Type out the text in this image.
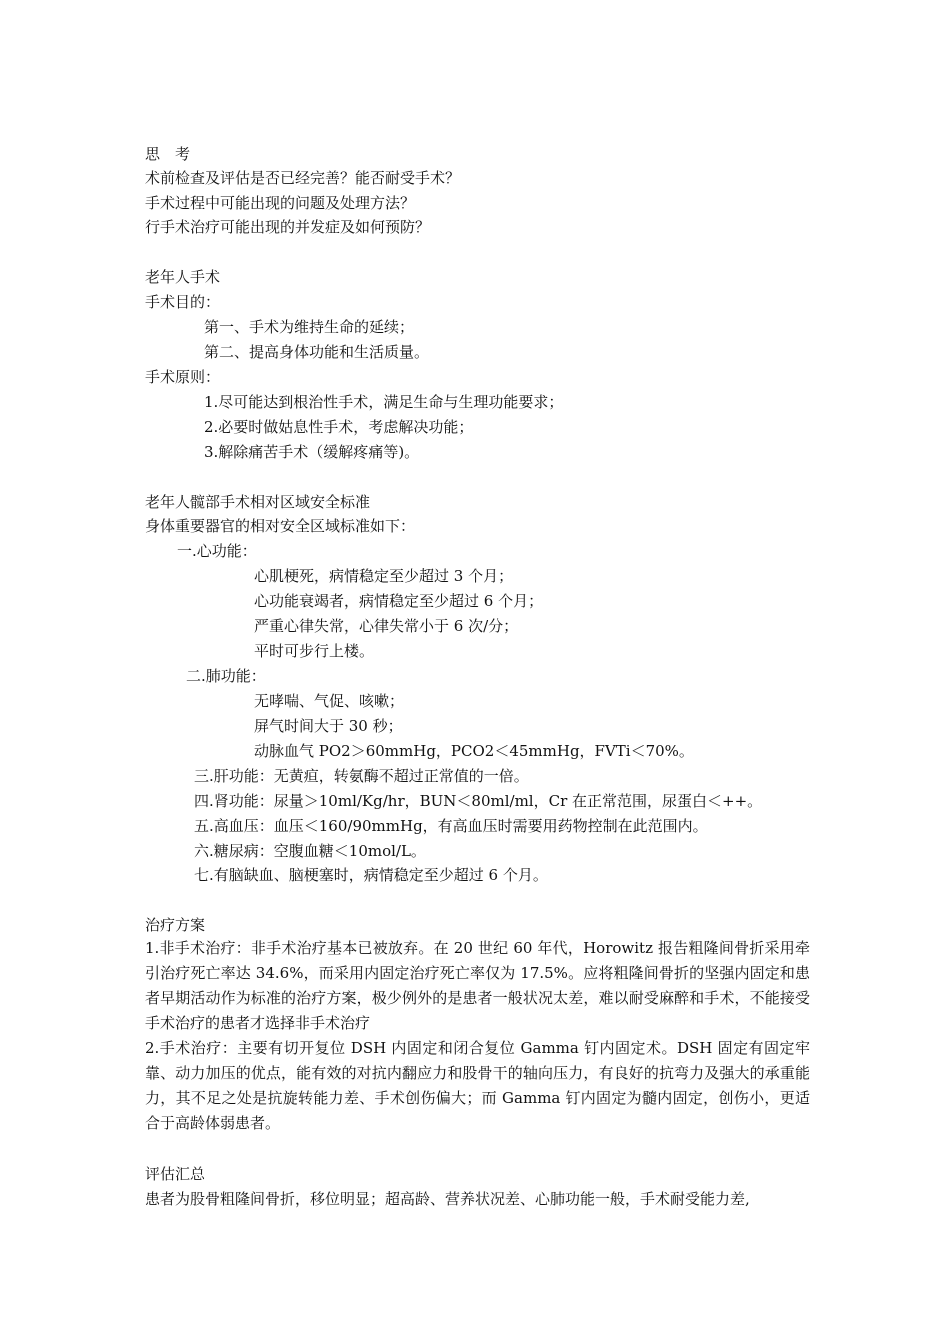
思　考
术前检查及评估是否已经完善？能否耐受手术？
手术过程中可能出现的问题及处理方法？
行手术治疗可能出现的并发症及如何预防？
老年人手术
手术目的：
第一、手术为维持生命的延续；
第二、提高身体功能和生活质量。
手术原则：
1.尽可能达到根治性手术，满足生命与生理功能要求；
2.必要时做姑息性手术，考虑解决功能；
3.解除痛苦手术（缓解疼痛等)。
老年人髋部手术相对区域安全标准
身体重要器官的相对安全区域标准如下：
一.心功能：
心肌梗死，病情稳定至少超过 3 个月；
心功能衰竭者，病情稳定至少超过 6 个月；
严重心律失常，心律失常小于 6 次/分；
平时可步行上楼。
二.肺功能：
无哮喘、气促、咳嗽；
屏气时间大于 30 秒；
动脉血气 PO2＞60mmHg，PCO2＜45mmHg，FVTi＜70%。
三.肝功能：无黄疸，转氨酶不超过正常值的一倍。
四.肾功能：尿量＞10ml/Kg/hr，BUN＜80ml/ml，Cr 在正常范围，尿蛋白＜++。
五.高血压：血压＜160/90mmHg，有高血压时需要用药物控制在此范围内。
六.糖尿病：空腹血糖＜10mol/L。
七.有脑缺血、脑梗塞时，病情稳定至少超过 6 个月。
治疗方案
1.非手术治疗：非手术治疗基本已被放弃。在 20 世纪 60 年代，Horowitz 报告粗隆间骨折采用牵引治疗死亡率达 34.6%，而采用内固定治疗死亡率仅为 17.5%。应将粗隆间骨折的坚强内固定和患者早期活动作为标准的治疗方案，极少例外的是患者一般状况太差，难以耐受麻醉和手术，不能接受手术治疗的患者才选择非手术治疗
2.手术治疗：主要有切开复位 DSH 内固定和闭合复位 Gamma 钉内固定术。DSH 固定有固定牢靠、动力加压的优点，能有效的对抗内翻应力和股骨干的轴向压力，有良好的抗弯力及强大的承重能力，其不足之处是抗旋转能力差、手术创伤偏大；而 Gamma 钉内固定为髓内固定，创伤小，更适合于高龄体弱患者。
评估汇总
患者为股骨粗隆间骨折，移位明显；超高龄、营养状况差、心肺功能一般，手术耐受能力差,
